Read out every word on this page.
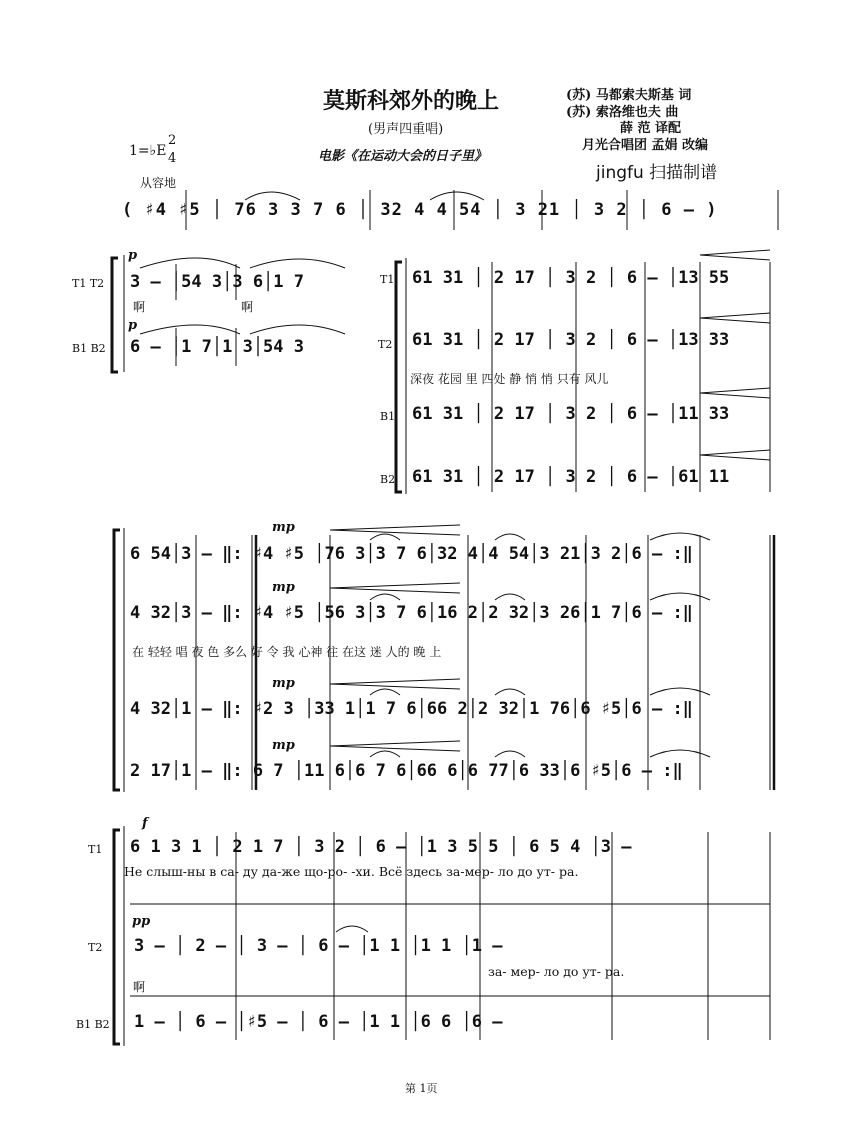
莫斯科郊外的晚上
(男声四重唱)
电影《在运动大会的日子里》
(苏) 马都索夫斯基 词
(苏) 索洛维也夫 曲
薛 范 译配
月光合唱团 孟娟 改编
jingfu 扫描制谱
1=♭E
2
4
从容地
( ♯4 ♯5 │ 76 3 3 7 6 │ 32 4 4 54 │ 3 21 │ 3 2 │ 6 – )
p
T1 T2 3 – │54 3│3 6│1 7
啊	啊
p
B1 B2 6 – │1 7│1 3│54 3
T1 61 31 │ 2 17 │ 3 2 │ 6 – │13 55
T2 61 31 │ 2 17 │ 3 2 │ 6 – │13 33
深夜 花园 里 四处 静 悄 悄 只有 风儿
B1 61 31 │ 2 17 │ 3 2 │ 6 – │11 33
B2 61 31 │ 2 17 │ 3 2 │ 6 – │61 11
mp
6 54│3 – ‖: ♯4 ♯5 │76 3│3 7 6│32 4│4 54│3 21│3 2│6 – :‖
mp
4 32│3 – ‖: ♯4 ♯5 │56 3│3 7 6│16 2│2 32│3 26│1 7│6 – :‖
在 轻轻 唱 夜 色 多么 好 令 我 心神 往 在这 迷 人的 晚 上
mp
4 32│1 – ‖: ♯2 3 │33 1│1 7 6│66 2│2 32│1 76│6 ♯5│6 – :‖
mp
2 17│1 – ‖: 6 7 │11 6│6 7 6│66 6│6 77│6 33│6 ♯5│6 – :‖
f
T1 6 1 3 1 │ 2 1 7 │ 3 2 │ 6 – │1 3 5 5 │ 6 5 4 │3 –
Не слыш-ны в са- ду да-же що-ро- -хи. Всё здесь за-мер- ло до ут- ра.
pp
T2 3 – │ 2 – │ 3 – │ 6 – │1 1 │1 1 │1 –
за- мер- ло до ут- ра.
啊
B1 B2 1 – │ 6 – │♯5 – │ 6 – │1 1 │6 6 │6 –
第 1页
